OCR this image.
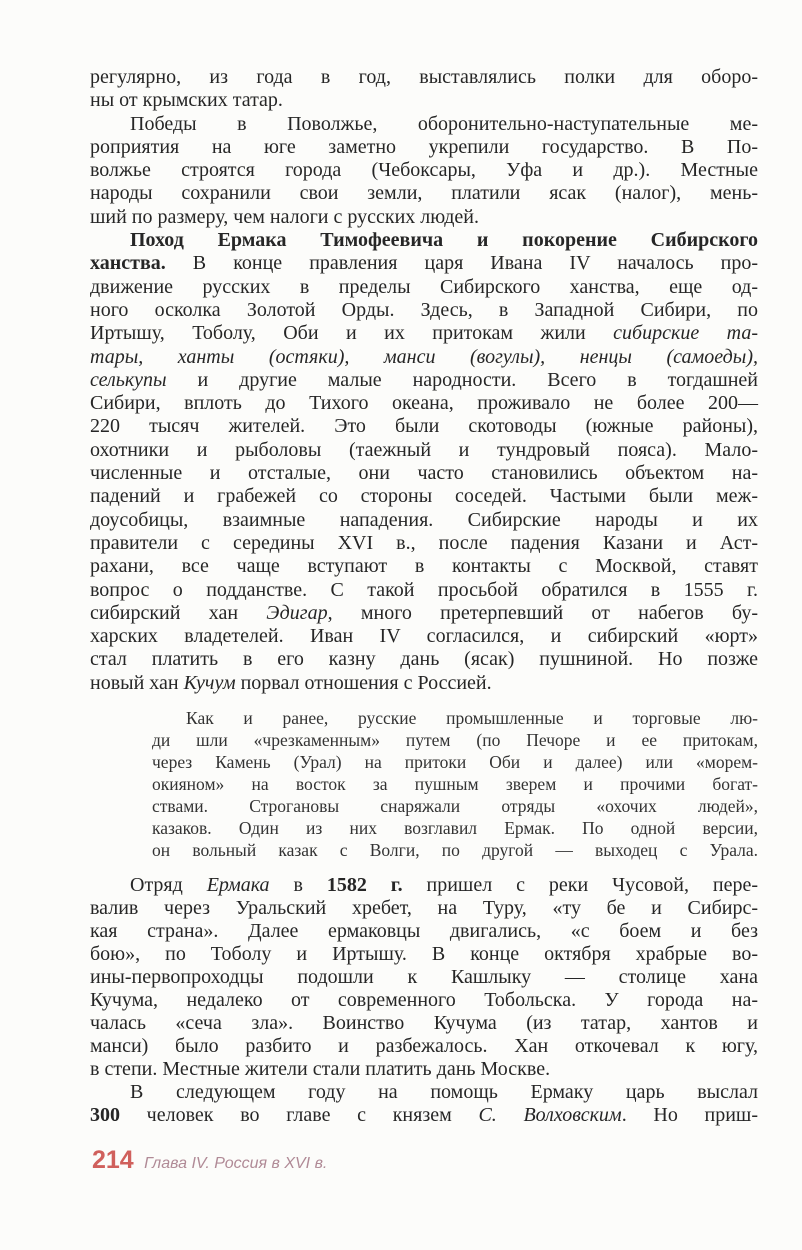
регулярно, из года в год, выставлялись полки для оборо-
ны от крымских татар.
Победы в Поволжье, оборонительно-наступательные ме-
роприятия на юге заметно укрепили государство. В По-
волжье строятся города (Чебоксары, Уфа и др.). Местные
народы сохранили свои земли, платили ясак (налог), мень-
ший по размеру, чем налоги с русских людей.
Поход Ермака Тимофеевича и покорение Сибирского
ханства. В конце правления царя Ивана IV началось про-
движение русских в пределы Сибирского ханства, еще од-
ного осколка Золотой Орды. Здесь, в Западной Сибири, по
Иртышу, Тоболу, Оби и их притокам жили сибирские та-
тары, ханты (остяки), манси (вогулы), ненцы (самоеды),
селькупы и другие малые народности. Всего в тогдашней
Сибири, вплоть до Тихого океана, проживало не более 200—
220 тысяч жителей. Это были скотоводы (южные районы),
охотники и рыболовы (таежный и тундровый пояса). Мало-
численные и отсталые, они часто становились объектом на-
падений и грабежей со стороны соседей. Частыми были меж-
доусобицы, взаимные нападения. Сибирские народы и их
правители с середины XVI в., после падения Казани и Аст-
рахани, все чаще вступают в контакты с Москвой, ставят
вопрос о подданстве. С такой просьбой обратился в 1555 г.
сибирский хан Эдигар, много претерпевший от набегов бу-
харских владетелей. Иван IV согласился, и сибирский «юрт»
стал платить в его казну дань (ясак) пушниной. Но позже
новый хан Кучум порвал отношения с Россией.
Как и ранее, русские промышленные и торговые лю-
ди шли «чрезкаменным» путем (по Печоре и ее притокам,
через Камень (Урал) на притоки Оби и далее) или «морем-
окияном» на восток за пушным зверем и прочими богат-
ствами. Строгановы снаряжали отряды «охочих людей»,
казаков. Один из них возглавил Ермак. По одной версии,
он вольный казак с Волги, по другой — выходец с Урала.
Отряд Ермака в 1582 г. пришел с реки Чусовой, пере-
валив через Уральский хребет, на Туру, «ту бе и Сибирс-
кая страна». Далее ермаковцы двигались, «с боем и без
бою», по Тоболу и Иртышу. В конце октября храбрые во-
ины-первопроходцы подошли к Кашлыку — столице хана
Кучума, недалеко от современного Тобольска. У города на-
чалась «сеча зла». Воинство Кучума (из татар, хантов и
манси) было разбито и разбежалось. Хан откочевал к югу,
в степи. Местные жители стали платить дань Москве.
В следующем году на помощь Ермаку царь выслал
300 человек во главе с князем С. Волховским. Но приш-
214 Глава IV. Россия в XVI в.
